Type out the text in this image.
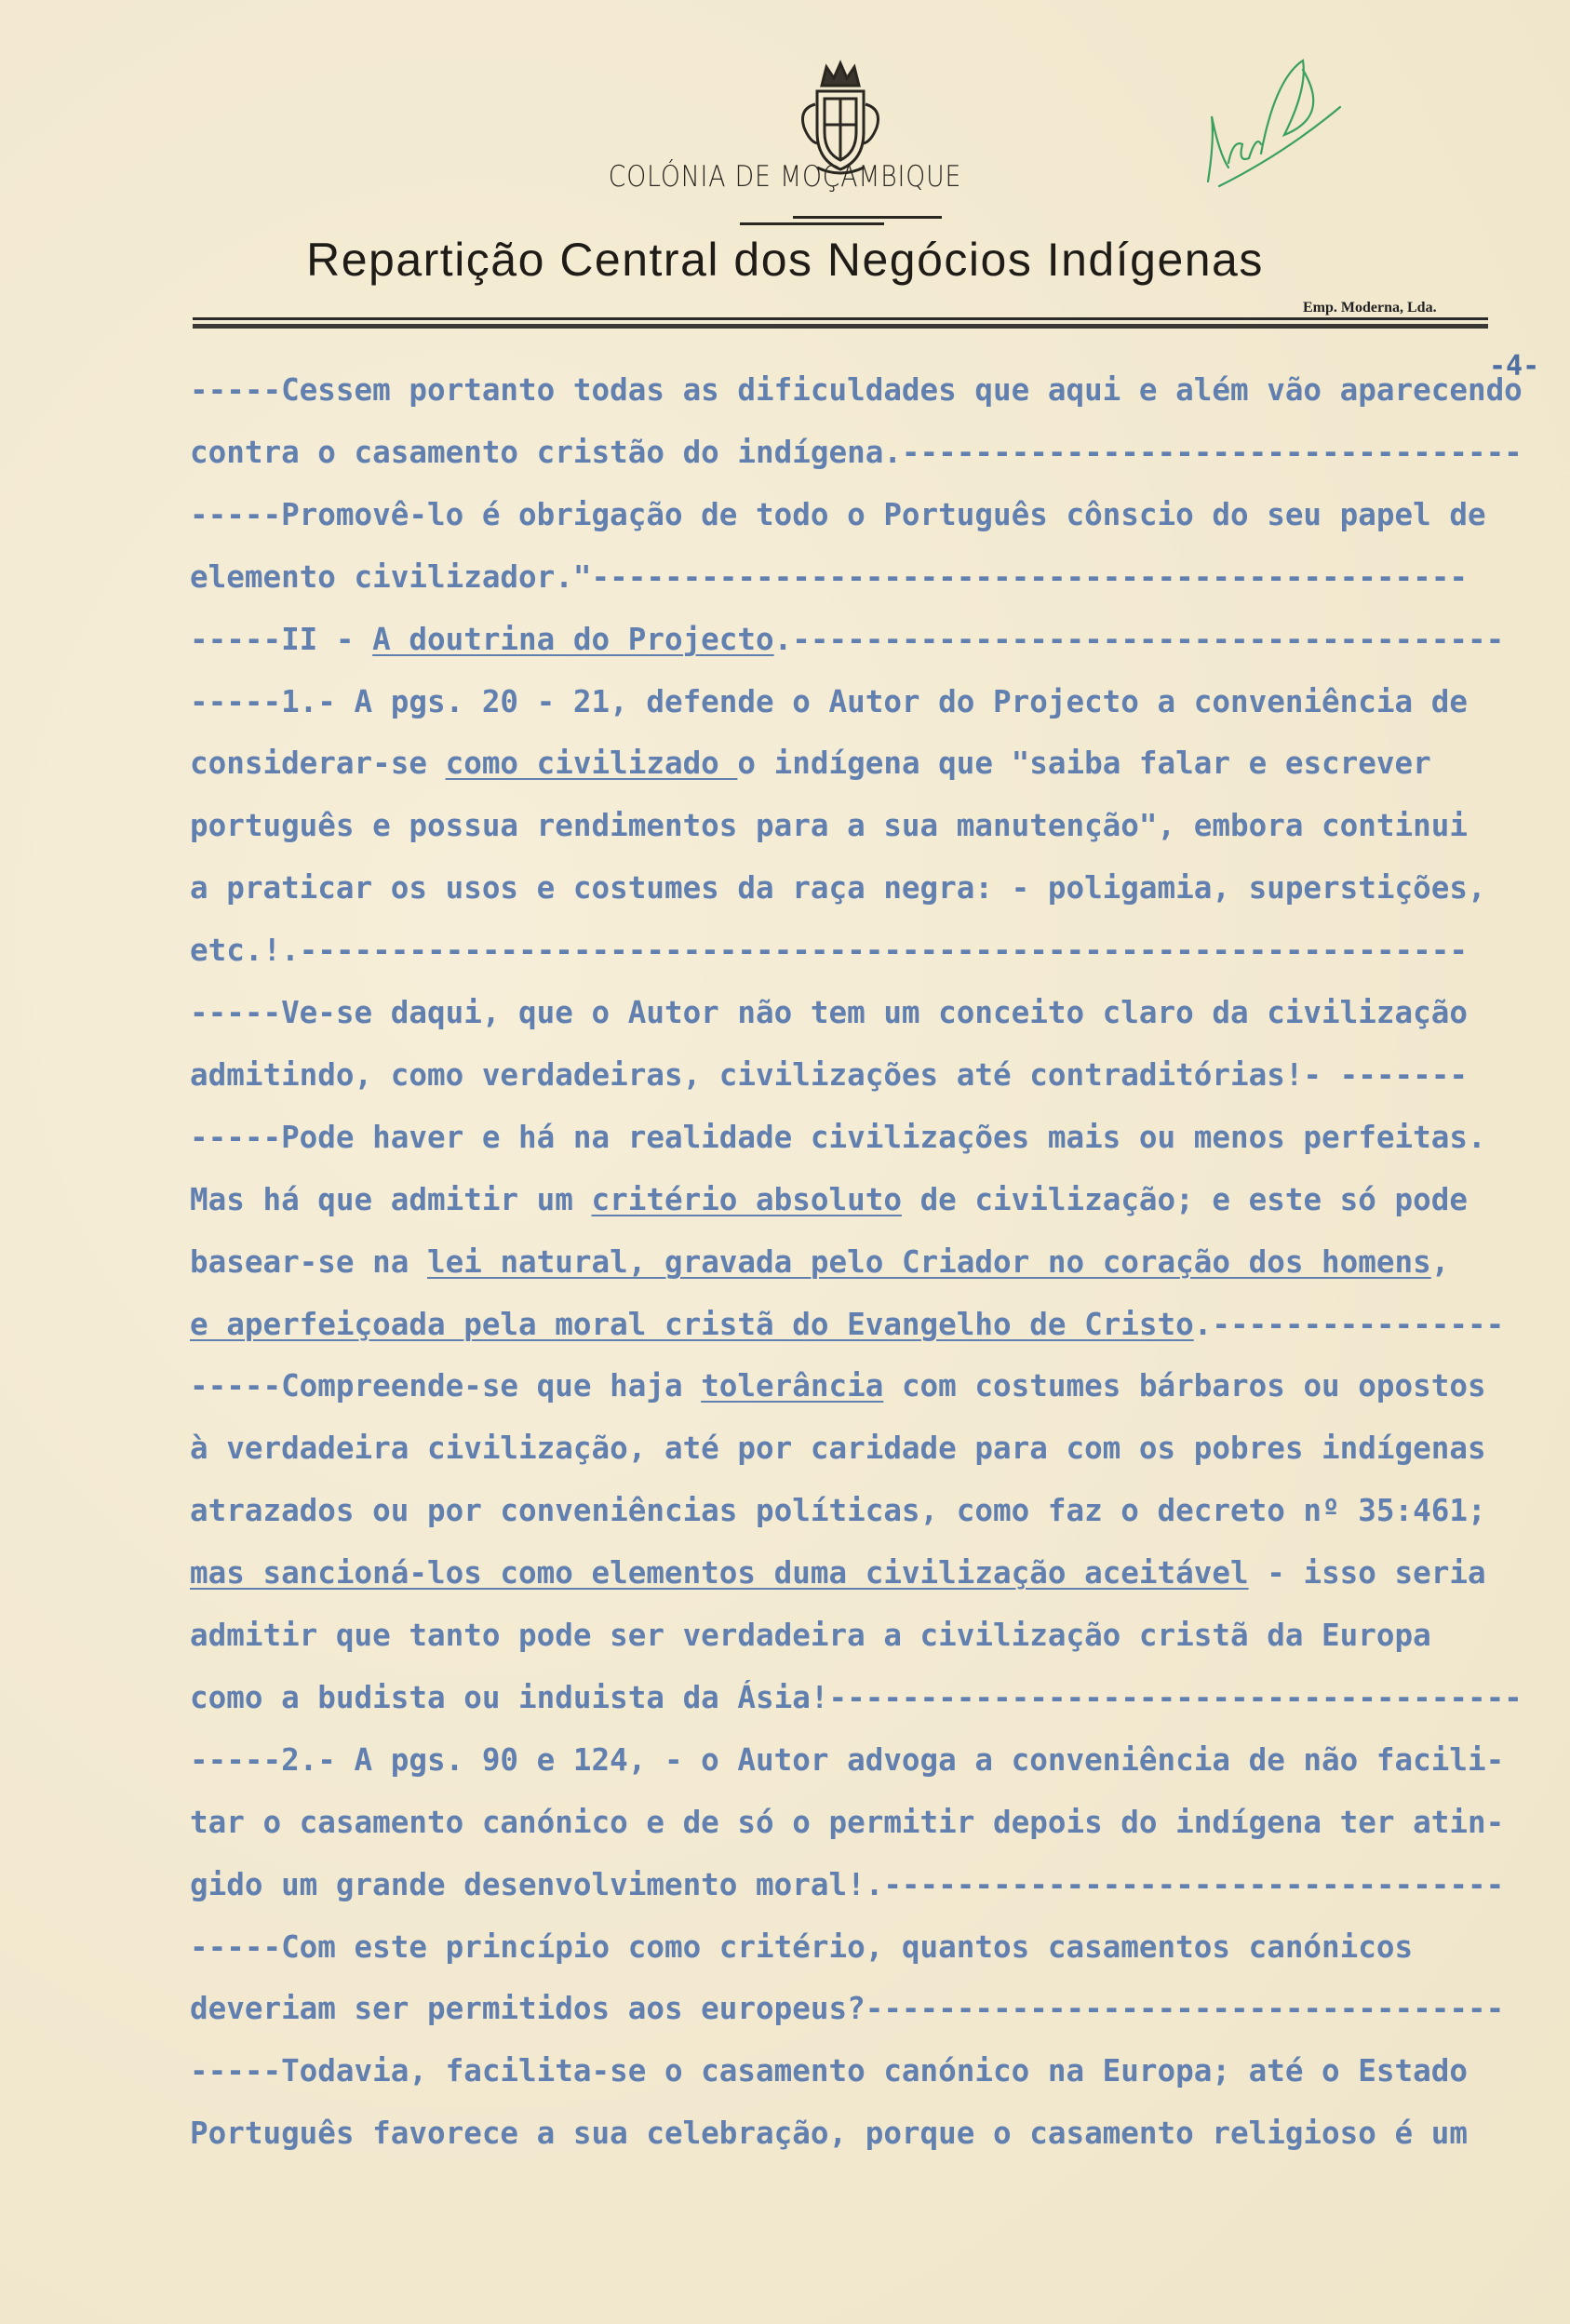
COLÓNIA DE MOÇAMBIQUE
Repartição Central dos Negócios Indígenas
Emp. Moderna, Lda.
-4-
-----Cessem portanto todas as dificuldades que aqui e além vão aparecendo
contra o casamento cristão do indígena.----------------------------------
-----Promovê-lo é obrigação de todo o Português cônscio do seu papel de
elemento civilizador."------------------------------------------------
-----II - A doutrina do Projecto.---------------------------------------
-----1.- A pgs. 20 - 21, defende o Autor do Projecto a conveniência de
considerar-se como civilizado o indígena que "saiba falar e escrever
português e possua rendimentos para a sua manutenção", embora continui
a praticar os usos e costumes da raça negra: - poligamia, superstições,
etc.!.----------------------------------------------------------------
-----Ve-se daqui, que o Autor não tem um conceito claro da civilização
admitindo, como verdadeiras, civilizações até contraditórias!- -------
-----Pode haver e há na realidade civilizações mais ou menos perfeitas.
Mas há que admitir um critério absoluto de civilização; e este só pode
basear-se na lei natural, gravada pelo Criador no coração dos homens,
e aperfeiçoada pela moral cristã do Evangelho de Cristo.----------------
-----Compreende-se que haja tolerância com costumes bárbaros ou opostos
à verdadeira civilização, até por caridade para com os pobres indígenas
atrazados ou por conveniências políticas, como faz o decreto nº 35:461;
mas sancioná-los como elementos duma civilização aceitável - isso seria
admitir que tanto pode ser verdadeira a civilização cristã da Europa
como a budista ou induista da Ásia!--------------------------------------
-----2.- A pgs. 90 e 124, - o Autor advoga a conveniência de não facili-
tar o casamento canónico e de só o permitir depois do indígena ter atin-
gido um grande desenvolvimento moral!.----------------------------------
-----Com este princípio como critério, quantos casamentos canónicos
deveriam ser permitidos aos europeus?-----------------------------------
-----Todavia, facilita-se o casamento canónico na Europa; até o Estado
Português favorece a sua celebração, porque o casamento religioso é um
